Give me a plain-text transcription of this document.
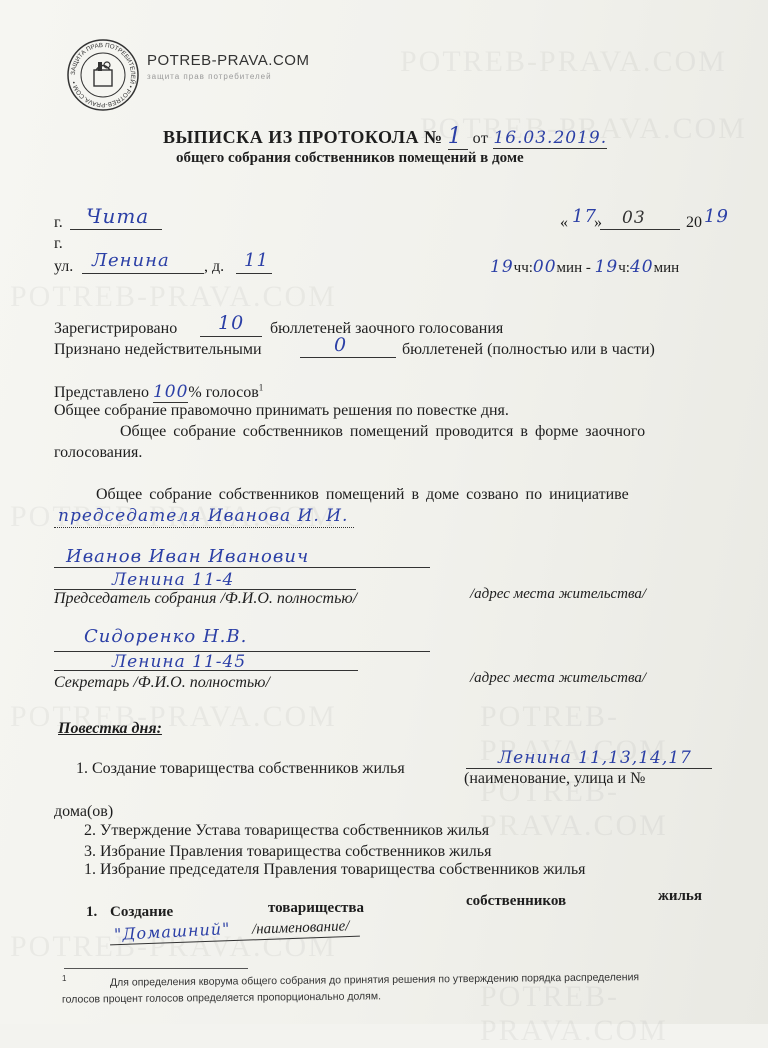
ЗАЩИТА ПРАВ ПОТРЕБИТЕЛЕЙ • POTREB-PRAVA.COM •
POTREB-PRAVA.COM
защита прав потребителей
ВЫПИСКА ИЗ ПРОТОКОЛА № 1 от 16.03.2019.
общего собрания собственников помещений в доме
г. Чита	« 17
» 03	20 19
г.
ул. Ленина , д. 11	19чч:00мин - 19ч:40мин
Зарегистрировано 10 бюллетеней заочного голосования
Признано недействительными	0	бюллетеней (полностью или в части)
Представлено 100% голосов$^1$
Общее собрание правомочно принимать решения по повестке дня.
Общее собрание собственников помещений проводится в форме заочного
голосования.
Общее собрание собственников помещений в доме созвано по инициативе
председателя Иванова И. И.
Иванов Иван Иванович
Ленина 11-4
Председатель собрания /Ф.И.О. полностью/	/адрес места жительства/
Сидоренко Н.В.
Ленина 11-45
Секретарь /Ф.И.О. полностью/	/адрес места жительства/
Повестка дня:
1. Создание товарищества собственников жилья
Ленина 11,13,14,17
(наименование, улица и №
дома(ов)
2. Утверждение Устава товарищества собственников жилья
3. Избрание Правления товарищества собственников жилья
1. Избрание председателя Правления товарищества собственников жилья
1. Создание	товарищества	собственников	жилья
"Домашний" /наименование/
1	Для определения кворума общего собрания до принятия решения по утверждению порядка распределения
голосов процент голосов определяется пропорционально долям.
